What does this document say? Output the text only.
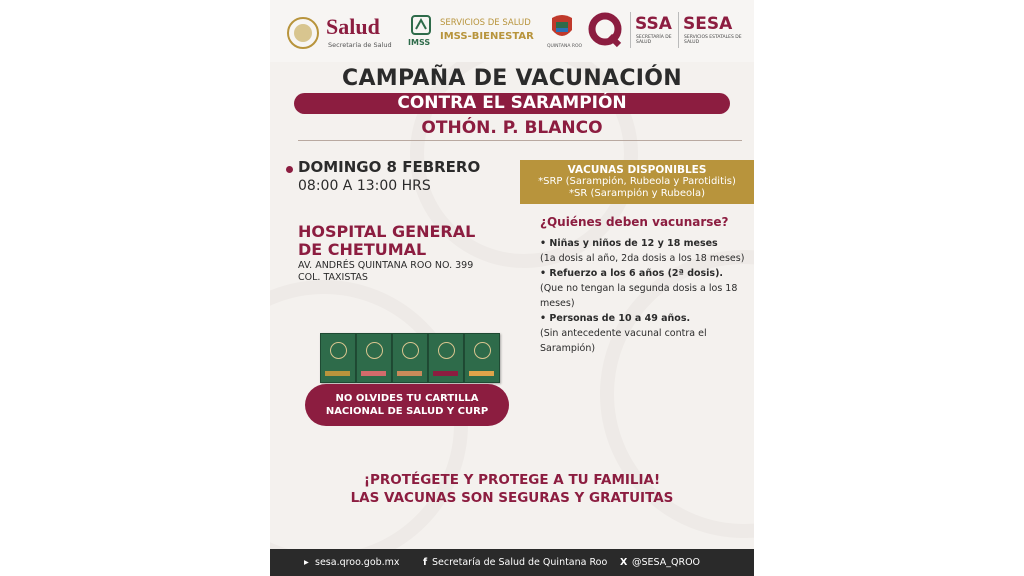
Salud
Secretaría de Salud IMSS
SERVICIOS DE SALUD
IMSS-BIENESTAR
QUINTANA ROO
SSA
SECRETARÍA DE SALUD
SESA
SERVICIOS ESTATALES DE SALUD
CAMPAÑA DE VACUNACIÓN
CONTRA EL SARAMPIÓN
OTHÓN. P. BLANCO
DOMINGO 8 FEBRERO
08:00 A 13:00 HRS
HOSPITAL GENERAL
DE CHETUMAL
AV. ANDRÉS QUINTANA ROO NO. 399
COL. TAXISTAS
VACUNAS DISPONIBLES
*SRP (Sarampión, Rubeola y Parotiditis)
*SR (Sarampión y Rubeola)
¿Quiénes deben vacunarse?
• Niñas y niños de 12 y 18 meses
(1a dosis al año, 2da dosis a los 18 meses)
• Refuerzo a los 6 años (2ª dosis).
(Que no tengan la segunda dosis a los 18 meses)
• Personas de 10 a 49 años.
(Sin antecedente vacunal contra el Sarampión)
NO OLVIDES TU CARTILLA
NACIONAL DE SALUD Y CURP
¡PROTÉGETE Y PROTEGE A TU FAMILIA!
LAS VACUNAS SON SEGURAS Y GRATUITAS
▸ sesa.qroo.gob.mx f Secretaría de Salud de Quintana Roo X @SESA_QROO
